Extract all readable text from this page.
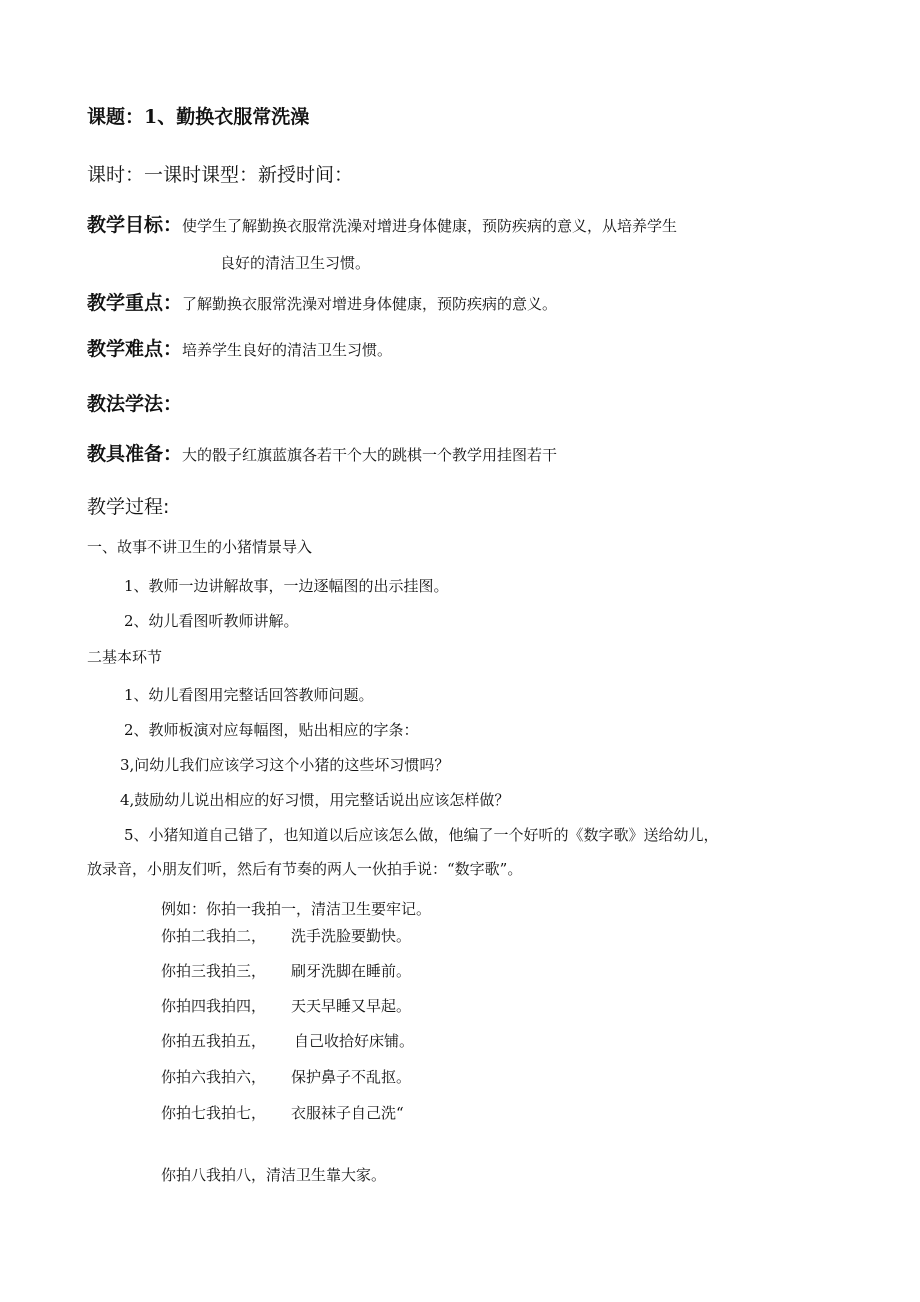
课题：1、勤换衣服常洗澡
课时：一课时课型：新授时间：
教学目标：使学生了解勤换衣服常洗澡对增进身体健康，预防疾病的意义，从培养学生
良好的清洁卫生习惯。
教学重点：了解勤换衣服常洗澡对增进身体健康，预防疾病的意义。
教学难点：培养学生良好的清洁卫生习惯。
教法学法：
教具准备：大的骰子红旗蓝旗各若干个大的跳棋一个教学用挂图若干
教学过程:
一、故事不讲卫生的小猪情景导入
1、教师一边讲解故事，一边逐幅图的出示挂图。
2、幼儿看图听教师讲解。
二基本环节
1、幼儿看图用完整话回答教师问题。
2、教师板演对应每幅图，贴出相应的字条：
3,问幼儿我们应该学习这个小猪的这些坏习惯吗？
4,鼓励幼儿说出相应的好习惯，用完整话说出应该怎样做？
5、小猪知道自己错了，也知道以后应该怎么做，他编了一个好听的《数字歌》送给幼儿，
放录音，小朋友们听，然后有节奏的两人一伙拍手说：“数字歌”。
例如：你拍一我拍一，清洁卫生要牢记。
你拍二我拍二， 洗手洗脸要勤快。
你拍三我拍三， 刷牙洗脚在睡前。
你拍四我拍四， 天天早睡又早起。
你拍五我拍五， 自己收拾好床铺。
你拍六我拍六， 保护鼻子不乱抠。
你拍七我拍七， 衣服袜子自己洗“
你拍八我拍八，清洁卫生靠大家。
